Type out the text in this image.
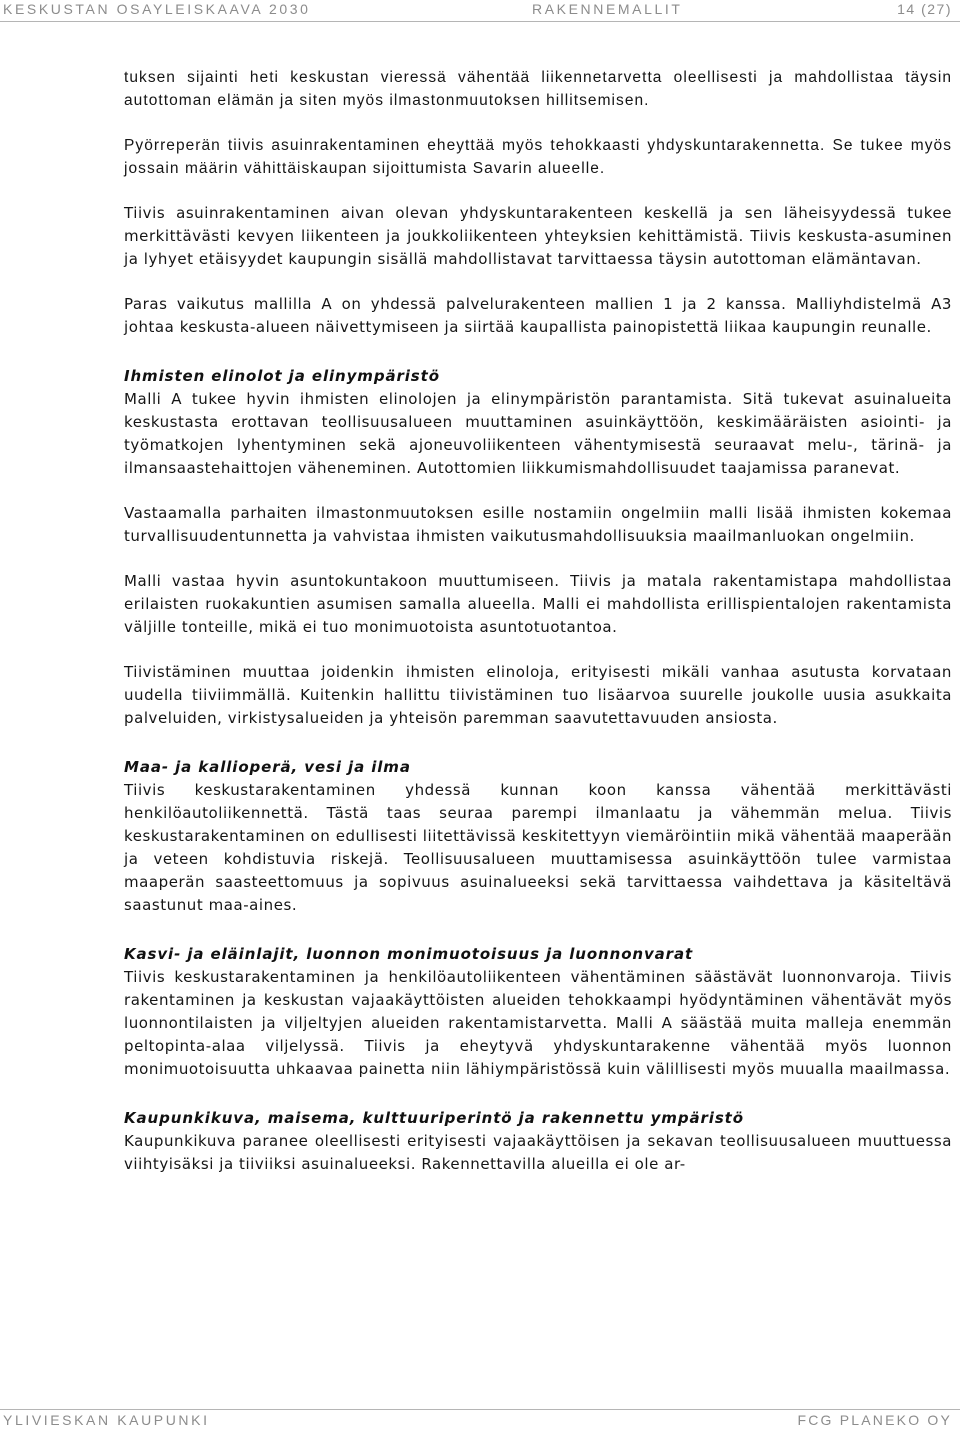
KESKUSTAN OSAYLEISKAAVA 2030	RAKENNEMALLIT	14 (27)

tuksen sijainti heti keskustan vieressä vähentää liikennetarvetta oleellisesti ja mahdollistaa täysin autottoman elämän ja siten myös ilmastonmuutoksen hillitsemisen.

Pyörreperän tiivis asuinrakentaminen eheyttää myös tehokkaasti yhdyskuntarakennetta. Se tukee myös jossain määrin vähittäiskaupan sijoittumista Savarin alueelle.

Tiivis asuinrakentaminen aivan olevan yhdyskuntarakenteen keskellä ja sen läheisyydessä tukee merkittävästi kevyen liikenteen ja joukkoliikenteen yhteyksien kehittämistä. Tiivis keskusta-asuminen ja lyhyet etäisyydet kaupungin sisällä mahdollistavat tarvittaessa täysin autottoman elämäntavan.

Paras vaikutus mallilla A on yhdessä palvelurakenteen mallien 1 ja 2 kanssa. Malliyhdistelmä A3 johtaa keskusta-alueen näivettymiseen ja siirtää kaupallista painopistettä liikaa kaupungin reunalle.

Ihmisten elinolot ja elinympäristö

Malli A tukee hyvin ihmisten elinolojen ja elinympäristön parantamista. Sitä tukevat asuinalueita keskustasta erottavan teollisuusalueen muuttaminen asuinkäyttöön, keskimääräisten asiointi- ja työmatkojen lyhentyminen sekä ajoneuvoliikenteen vähentymisestä seuraavat melu-, tärinä- ja ilmansaastehaittojen väheneminen. Autottomien liikkumismahdollisuudet taajamissa paranevat.

Vastaamalla parhaiten ilmastonmuutoksen esille nostamiin ongelmiin malli lisää ihmisten kokemaa turvallisuudentunnetta ja vahvistaa ihmisten vaikutusmahdollisuuksia maailmanluokan ongelmiin.

Malli vastaa hyvin asuntokuntakoon muuttumiseen. Tiivis ja matala rakentamistapa mahdollistaa erilaisten ruokakuntien asumisen samalla alueella. Malli ei mahdollista erillispientalojen rakentamista väljille tonteille, mikä ei tuo monimuotoista asuntotuotantoa.

Tiivistäminen muuttaa joidenkin ihmisten elinoloja, erityisesti mikäli vanhaa asutusta korvataan uudella tiiviimmällä. Kuitenkin hallittu tiivistäminen tuo lisäarvoa suurelle joukolle uusia asukkaita palveluiden, virkistysalueiden ja yhteisön paremman saavutettavuuden ansiosta.

Maa- ja kallioperä, vesi ja ilma

Tiivis keskustarakentaminen yhdessä kunnan koon kanssa vähentää merkittävästi henkilöautoliikennettä. Tästä taas seuraa parempi ilmanlaatu ja vähemmän melua. Tiivis keskustarakentaminen on edullisesti liitettävissä keskitettyyn viemäröintiin mikä vähentää maaperään ja veteen kohdistuvia riskejä. Teollisuusalueen muuttamisessa asuinkäyttöön tulee varmistaa maaperän saasteettomuus ja sopivuus asuinalueeksi sekä tarvittaessa vaihdettava ja käsiteltävä saastunut maa-aines.

Kasvi- ja eläinlajit, luonnon monimuotoisuus ja luonnonvarat

Tiivis keskustarakentaminen ja henkilöautoliikenteen vähentäminen säästävät luonnonvaroja. Tiivis rakentaminen ja keskustan vajaakäyttöisten alueiden tehokkaampi hyödyntäminen vähentävät myös luonnontilaisten ja viljeltyjen alueiden rakentamistarvetta. Malli A säästää muita malleja enemmän peltopinta-alaa viljelyssä. Tiivis ja eheytyvä yhdyskuntarakenne vähentää myös luonnon monimuotoisuutta uhkaavaa painetta niin lähiympäristössä kuin välillisesti myös muualla maailmassa.

Kaupunkikuva, maisema, kulttuuriperintö ja rakennettu ympäristö

Kaupunkikuva paranee oleellisesti erityisesti vajaakäyttöisen ja sekavan teollisuusalueen muuttuessa viihtyisäksi ja tiiviiksi asuinalueeksi. Rakennettavilla alueilla ei ole ar-

YLIVIESKAN KAUPUNKI	FCG PLANEKO OY
